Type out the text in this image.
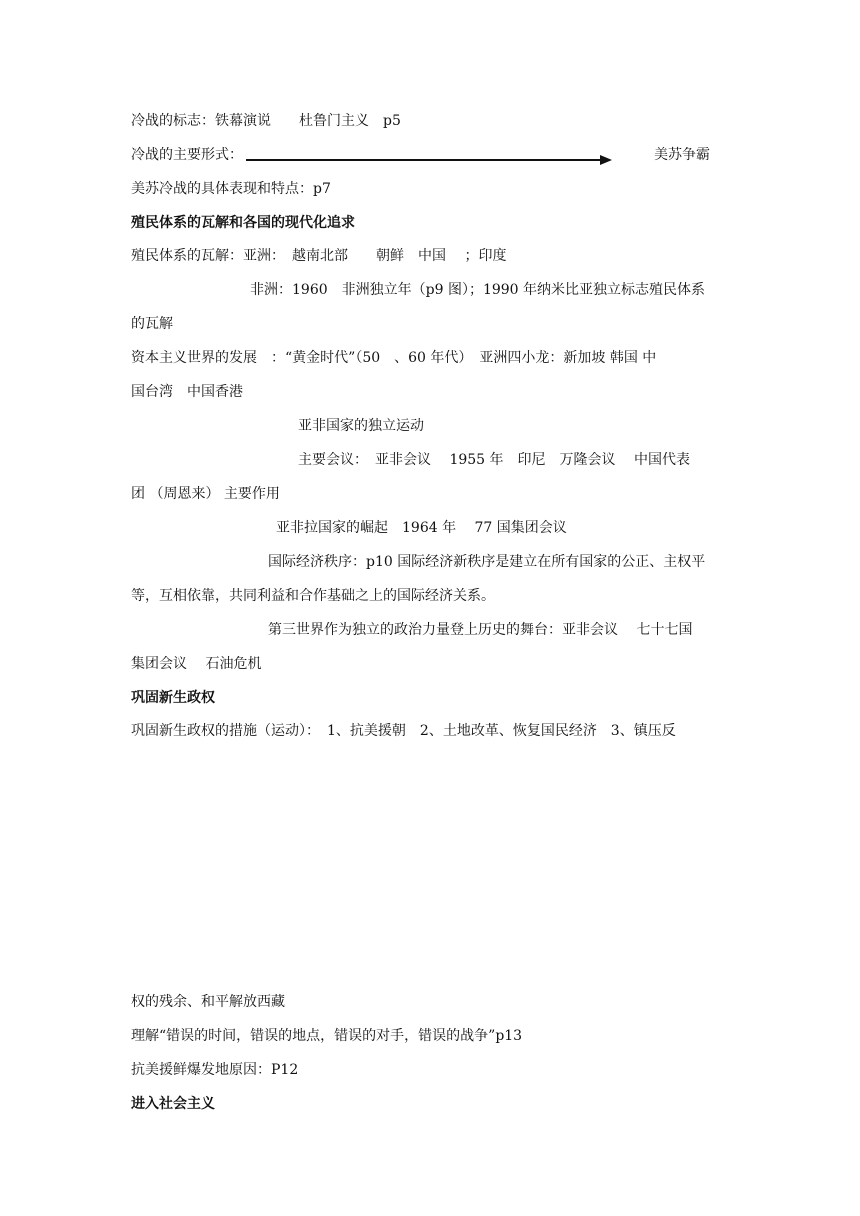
冷战的标志：铁幕演说　　杜鲁门主义　p5
冷战的主要形式：	美苏争霸
美苏冷战的具体表现和特点：p7
殖民体系的瓦解和各国的现代化追求
殖民体系的瓦解：亚洲：　越南北部　　朝鲜　中国　 ；印度
非洲：1960　非洲独立年（p9 图）；1990 年纳米比亚独立标志殖民体系
的瓦解
资本主义世界的发展　：“黄金时代”（50　、60 年代）　亚洲四小龙：新加坡 韩国 中
国台湾　中国香港
亚非国家的独立运动
主要会议：　亚非会议　 1955 年　印尼　万隆会议　 中国代表
团 （周恩来） 主要作用
亚非拉国家的崛起　1964 年　 77 国集团会议
国际经济秩序：p10 国际经济新秩序是建立在所有国家的公正、主权平
等，互相依靠，共同利益和合作基础之上的国际经济关系。
第三世界作为独立的政治力量登上历史的舞台：亚非会议　 七十七国
集团会议　 石油危机
巩固新生政权
巩固新生政权的措施（运动）：　1、抗美援朝　2、土地改革、恢复国民经济　3、镇压反
权的残余、和平解放西藏
理解“错误的时间，错误的地点，错误的对手，错误的战争”p13
抗美援鲜爆发地原因：P12
进入社会主义
